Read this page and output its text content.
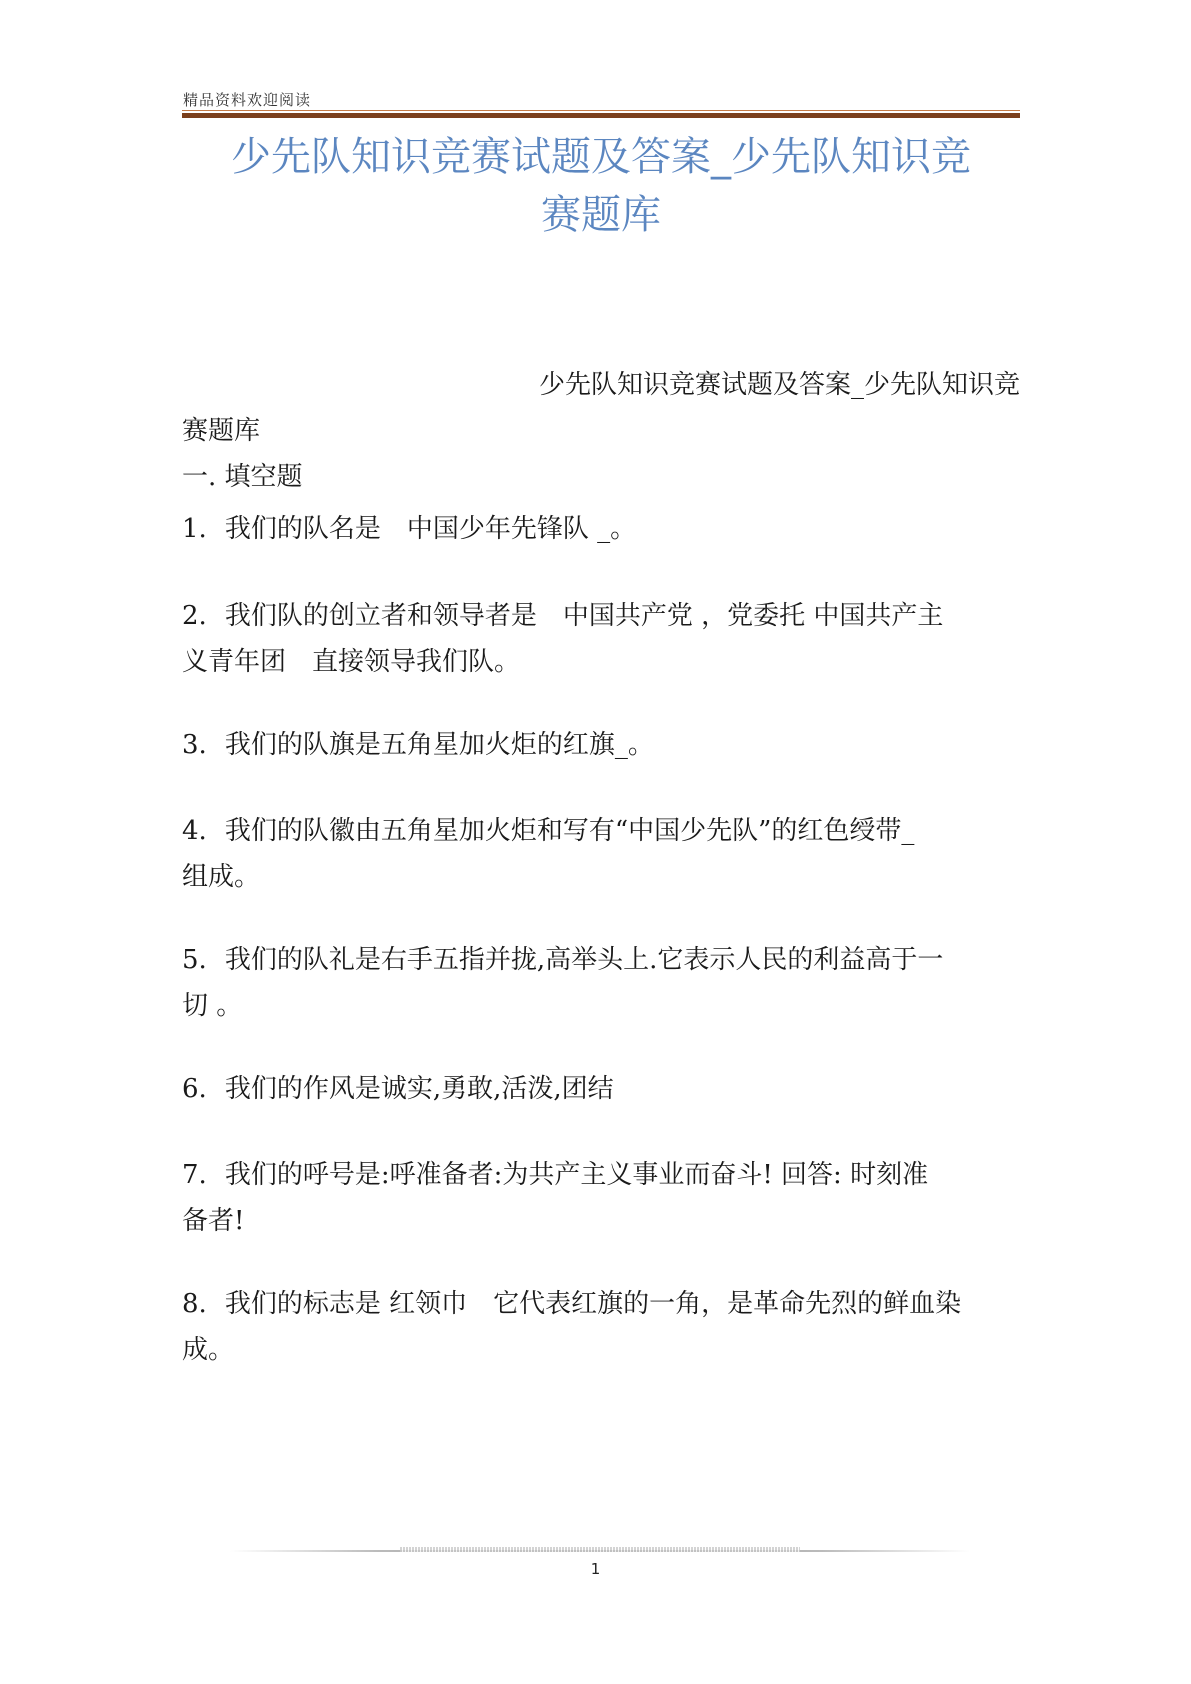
精品资料欢迎阅读
少先队知识竞赛试题及答案_少先队知识竞
赛题库

少先队知识竞赛试题及答案_少先队知识竞

赛题库

一. 填空题

1. 我们的队名是　中国少年先锋队 _。
2. 我们队的创立者和领导者是　中国共产党 ，党委托 中国共产主
义青年团　直接领导我们队。
3. 我们的队旗是五角星加火炬的红旗_。
4. 我们的队徽由五角星加火炬和写有“中国少先队”的红色绶带_
组成。
5. 我们的队礼是右手五指并拢,高举头上.它表示人民的利益高于一
切 。
6. 我们的作风是诚实,勇敢,活泼,团结
7. 我们的呼号是:呼准备者:为共产主义事业而奋斗! 回答: 时刻准
备者!
8. 我们的标志是 红领巾　它代表红旗的一角，是革命先烈的鲜血染
成。
1
